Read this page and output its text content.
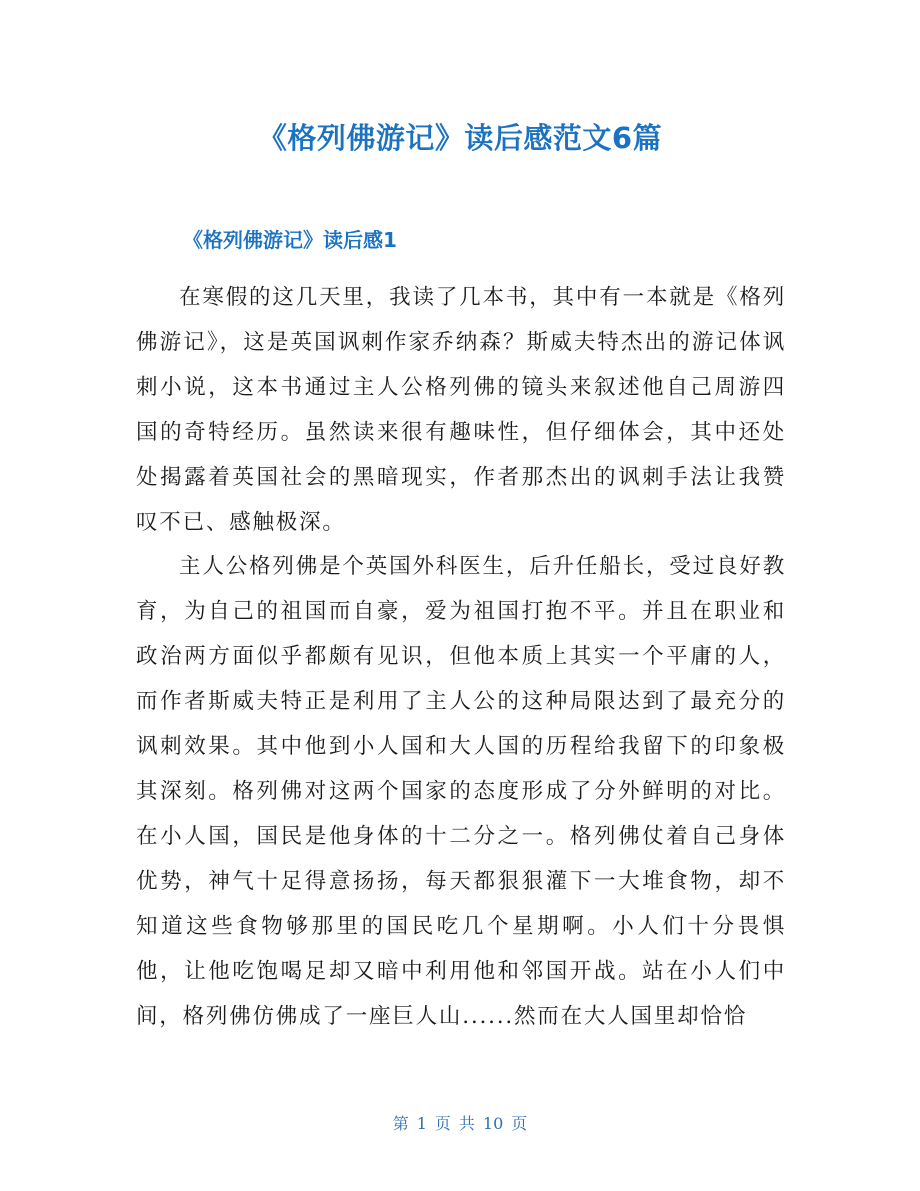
《格列佛游记》读后感范文6篇
《格列佛游记》读后感1

在寒假的这几天里，我读了几本书，其中有一本就是《格列佛游记》，这是英国讽刺作家乔纳森？斯威夫特杰出的游记体讽刺小说，这本书通过主人公格列佛的镜头来叙述他自己周游四国的奇特经历。虽然读来很有趣味性，但仔细体会，其中还处处揭露着英国社会的黑暗现实，作者那杰出的讽刺手法让我赞叹不已、感触极深。

主人公格列佛是个英国外科医生，后升任船长，受过良好教育，为自己的祖国而自豪，爱为祖国打抱不平。并且在职业和政治两方面似乎都颇有见识，但他本质上其实一个平庸的人，而作者斯威夫特正是利用了主人公的这种局限达到了最充分的讽刺效果。其中他到小人国和大人国的历程给我留下的印象极其深刻。格列佛对这两个国家的态度形成了分外鲜明的对比。在小人国，国民是他身体的十二分之一。格列佛仗着自己身体优势，神气十足得意扬扬，每天都狠狠灌下一大堆食物，却不知道这些食物够那里的国民吃几个星期啊。小人们十分畏惧他，让他吃饱喝足却又暗中利用他和邻国开战。站在小人们中间，格列佛仿佛成了一座巨人山......然而在大人国里却恰恰

第 1 页 共 10 页
